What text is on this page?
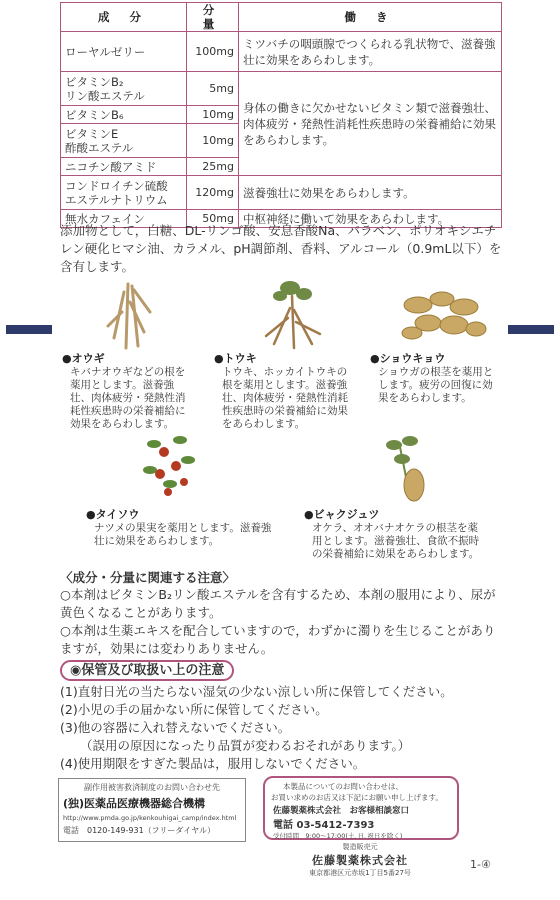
成 分	分 量	働 き
ローヤルゼリー	100mg	ミツバチの咽頭腺でつくられる乳状物で、滋養強壮に効果をあらわします。
ビタミンB₂
リン酸エステル	5mg	身体の働きに欠かせないビタミン類で滋養強壮、肉体疲労・発熱性消耗性疾患時の栄養補給に効果をあらわします。
ビタミンB₆	10mg	
ビタミンE
酢酸エステル	10mg	
ニコチン酸アミド	25mg	
コンドロイチン硫酸
エステルナトリウム	120mg	滋養強壮に効果をあらわします。
無水カフェイン	50mg	中枢神経に働いて効果をあらわします。
添加物として，白糖、DL-リンゴ酸、安息香酸Na、パラベン、ポリオキシエチレン硬化ヒマシ油、カラメル、pH調節剤、香料、アルコール（0.9mL以下）を含有します。
●オウギ
キバナオウギなどの根を薬用とします。滋養強壮、肉体疲労・発熱性消耗性疾患時の栄養補給に効果をあらわします。
●トウキ
トウキ、ホッカイトウキの根を薬用とします。滋養強壮、肉体疲労・発熱性消耗性疾患時の栄養補給に効果をあらわします。
●ショウキョウ
ショウガの根茎を薬用とします。疲労の回復に効果をあらわします。
●タイソウ
ナツメの果実を薬用とします。滋養強壮に効果をあらわします。
●ビャクジュツ
オケラ、オオバナオケラの根茎を薬用とします。滋養強壮、食欲不振時の栄養補給に効果をあらわします。
〈成分・分量に関連する注意〉
○本剤はビタミンB₂リン酸エステルを含有するため、本剤の服用により、尿が黄色くなることがあります。
○本剤は生薬エキスを配合していますので，わずかに濁りを生じることがありますが，効果には変わりありません。
◉保管及び取扱い上の注意
(1)直射日光の当たらない湿気の少ない涼しい所に保管してください。
(2)小児の手の届かない所に保管してください。
(3)他の容器に入れ替えないでください。
（誤用の原因になったり品質が変わるおそれがあります。）
(4)使用期限をすぎた製品は，服用しないでください。
副作用被害救済制度のお問い合わせ先
(独)医薬品医療機器総合機構
http://www.pmda.go.jp/kenkouhigai_camp/index.html
電話　0120-149-931（フリーダイヤル）
本製品についてのお問い合わせは、
お買い求めのお店又は下記にお願い申し上げます。
佐藤製薬株式会社　お客様相談窓口
電話 03-5412-7393
受付時間　9:00〜17:00(土､日､祝日を除く)
製造販売元
佐藤製薬株式会社
東京都港区元赤坂1丁目5番27号
1-④
